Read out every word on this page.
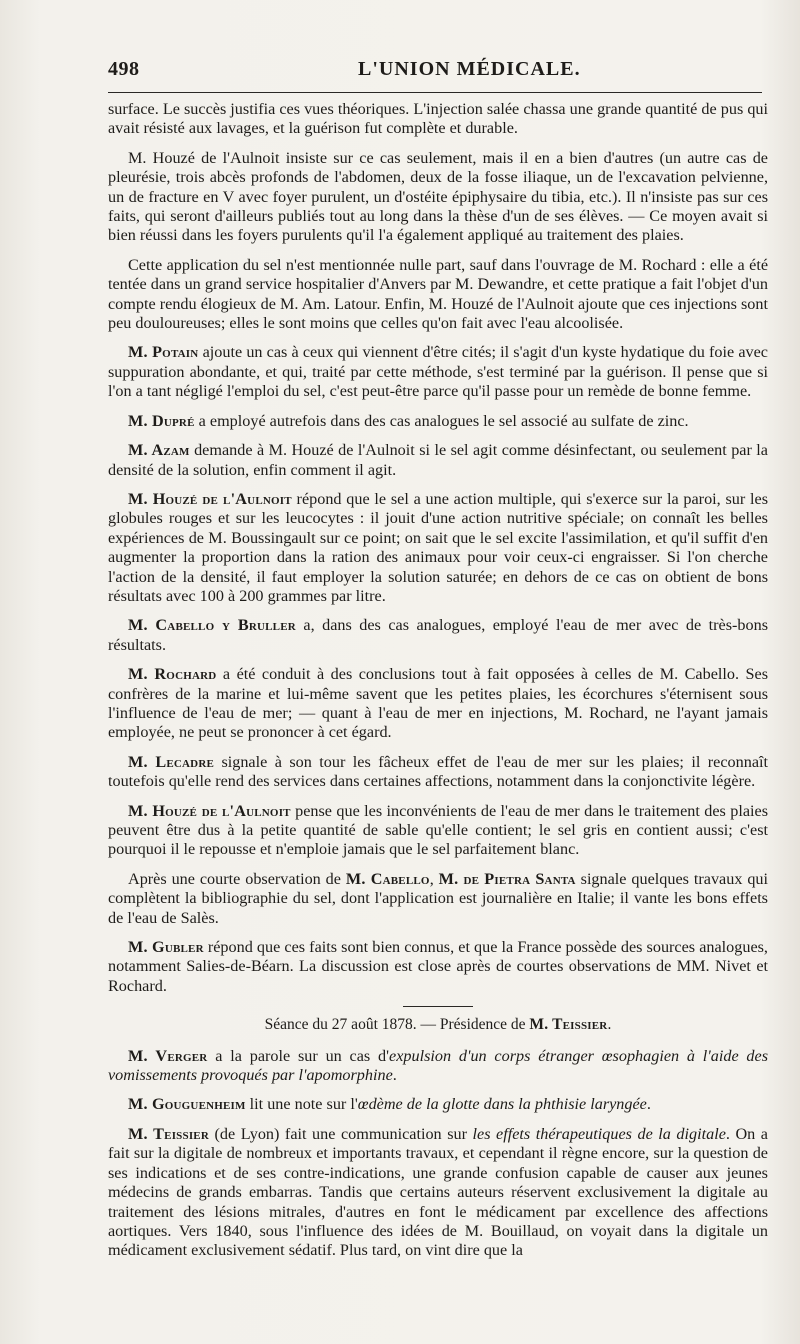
498	L'UNION MÉDICALE.

surface. Le succès justifia ces vues théoriques. L'injection salée chassa une grande quantité de pus qui avait résisté aux lavages, et la guérison fut complète et durable.

M. Houzé de l'Aulnoit insiste sur ce cas seulement, mais il en a bien d'autres (un autre cas de pleurésie, trois abcès profonds de l'abdomen, deux de la fosse iliaque, un de l'excavation pelvienne, un de fracture en V avec foyer purulent, un d'ostéite épiphysaire du tibia, etc.). Il n'insiste pas sur ces faits, qui seront d'ailleurs publiés tout au long dans la thèse d'un de ses élèves. — Ce moyen avait si bien réussi dans les foyers purulents qu'il l'a également appliqué au traitement des plaies.

Cette application du sel n'est mentionnée nulle part, sauf dans l'ouvrage de M. Rochard : elle a été tentée dans un grand service hospitalier d'Anvers par M. Dewandre, et cette pratique a fait l'objet d'un compte rendu élogieux de M. Am. Latour. Enfin, M. Houzé de l'Aulnoit ajoute que ces injections sont peu douloureuses; elles le sont moins que celles qu'on fait avec l'eau alcoolisée.

M. Potain ajoute un cas à ceux qui viennent d'être cités; il s'agit d'un kyste hydatique du foie avec suppuration abondante, et qui, traité par cette méthode, s'est terminé par la guérison. Il pense que si l'on a tant négligé l'emploi du sel, c'est peut-être parce qu'il passe pour un remède de bonne femme.

M. Dupré a employé autrefois dans des cas analogues le sel associé au sulfate de zinc.

M. Azam demande à M. Houzé de l'Aulnoit si le sel agit comme désinfectant, ou seulement par la densité de la solution, enfin comment il agit.

M. Houzé de l'Aulnoit répond que le sel a une action multiple, qui s'exerce sur la paroi, sur les globules rouges et sur les leucocytes : il jouit d'une action nutritive spéciale; on connaît les belles expériences de M. Boussingault sur ce point; on sait que le sel excite l'assimilation, et qu'il suffit d'en augmenter la proportion dans la ration des animaux pour voir ceux-ci engraisser. Si l'on cherche l'action de la densité, il faut employer la solution saturée; en dehors de ce cas on obtient de bons résultats avec 100 à 200 grammes par litre.

M. Cabello y Bruller a, dans des cas analogues, employé l'eau de mer avec de très-bons résultats.

M. Rochard a été conduit à des conclusions tout à fait opposées à celles de M. Cabello. Ses confrères de la marine et lui-même savent que les petites plaies, les écorchures s'éternisent sous l'influence de l'eau de mer; — quant à l'eau de mer en injections, M. Rochard, ne l'ayant jamais employée, ne peut se prononcer à cet égard.

M. Lecadre signale à son tour les fâcheux effet de l'eau de mer sur les plaies; il reconnaît toutefois qu'elle rend des services dans certaines affections, notamment dans la conjonctivite légère.

M. Houzé de l'Aulnoit pense que les inconvénients de l'eau de mer dans le traitement des plaies peuvent être dus à la petite quantité de sable qu'elle contient; le sel gris en contient aussi; c'est pourquoi il le repousse et n'emploie jamais que le sel parfaitement blanc.

Après une courte observation de M. Cabello, M. de Pietra Santa signale quelques travaux qui complètent la bibliographie du sel, dont l'application est journalière en Italie; il vante les bons effets de l'eau de Salès.

M. Gubler répond que ces faits sont bien connus, et que la France possède des sources analogues, notamment Salies-de-Béarn. La discussion est close après de courtes observations de MM. Nivet et Rochard.

Séance du 27 août 1878. — Présidence de M. Teissier.

M. Verger a la parole sur un cas d'expulsion d'un corps étranger œsophagien à l'aide des vomissements provoqués par l'apomorphine.

M. Gouguenheim lit une note sur l'œdème de la glotte dans la phthisie laryngée.

M. Teissier (de Lyon) fait une communication sur les effets thérapeutiques de la digitale. On a fait sur la digitale de nombreux et importants travaux, et cependant il règne encore, sur la question de ses indications et de ses contre-indications, une grande confusion capable de causer aux jeunes médecins de grands embarras. Tandis que certains auteurs réservent exclusivement la digitale au traitement des lésions mitrales, d'autres en font le médicament par excellence des affections aortiques. Vers 1840, sous l'influence des idées de M. Bouillaud, on voyait dans la digitale un médicament exclusivement sédatif. Plus tard, on vint dire que la
